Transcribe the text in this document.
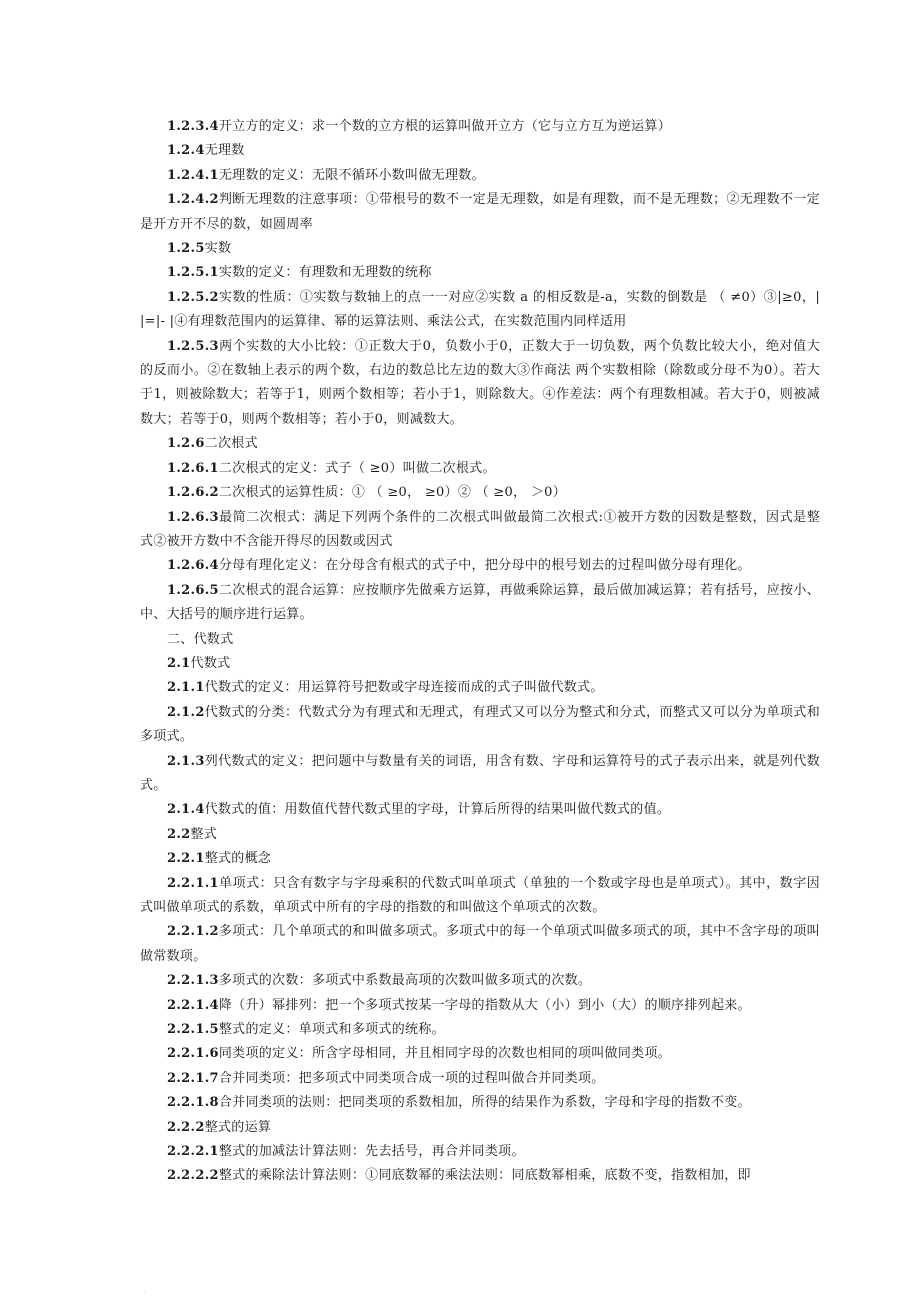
1.2.3.4开立方的定义：求一个数的立方根的运算叫做开立方（它与立方互为逆运算）

1.2.4无理数

1.2.4.1无理数的定义：无限不循环小数叫做无理数。

1.2.4.2判断无理数的注意事项：①带根号的数不一定是无理数，如是有理数，而不是无理数；②无理数不一定是开方开不尽的数，如圆周率

1.2.5实数

1.2.5.1实数的定义：有理数和无理数的统称

1.2.5.2实数的性质：①实数与数轴上的点一一对应②实数 a 的相反数是-a，实数的倒数是 （ ≠0）③|≥0，| |=|- |④有理数范围内的运算律、幂的运算法则、乘法公式，在实数范围内同样适用

1.2.5.3两个实数的大小比较：①正数大于0，负数小于0，正数大于一切负数，两个负数比较大小，绝对值大的反而小。②在数轴上表示的两个数，右边的数总比左边的数大③作商法 两个实数相除（除数或分母不为0）。若大于1，则被除数大；若等于1，则两个数相等；若小于1，则除数大。④作差法：两个有理数相减。若大于0，则被减数大；若等于0，则两个数相等；若小于0，则减数大。

1.2.6二次根式

1.2.6.1二次根式的定义：式子（ ≥0）叫做二次根式。

1.2.6.2二次根式的运算性质：① （ ≥0， ≥0）② （ ≥0， ＞0）

1.2.6.3最简二次根式：满足下列两个条件的二次根式叫做最简二次根式:①被开方数的因数是整数，因式是整式②被开方数中不含能开得尽的因数或因式

1.2.6.4分母有理化定义：在分母含有根式的式子中，把分母中的根号划去的过程叫做分母有理化。

1.2.6.5二次根式的混合运算：应按顺序先做乘方运算，再做乘除运算，最后做加减运算；若有括号，应按小、中、大括号的顺序进行运算。

二、代数式

2.1代数式

2.1.1代数式的定义：用运算符号把数或字母连接而成的式子叫做代数式。

2.1.2代数式的分类：代数式分为有理式和无理式，有理式又可以分为整式和分式，而整式又可以分为单项式和多项式。

2.1.3列代数式的定义：把问题中与数量有关的词语，用含有数、字母和运算符号的式子表示出来，就是列代数式。

2.1.4代数式的值：用数值代替代数式里的字母，计算后所得的结果叫做代数式的值。

2.2整式

2.2.1整式的概念

2.2.1.1单项式：只含有数字与字母乘积的代数式叫单项式（单独的一个数或字母也是单项式）。其中，数字因式叫做单项式的系数，单项式中所有的字母的指数的和叫做这个单项式的次数。

2.2.1.2多项式：几个单项式的和叫做多项式。多项式中的每一个单项式叫做多项式的项，其中不含字母的项叫做常数项。

2.2.1.3多项式的次数：多项式中系数最高项的次数叫做多项式的次数。

2.2.1.4降（升）幂排列：把一个多项式按某一字母的指数从大（小）到小（大）的顺序排列起来。

2.2.1.5整式的定义：单项式和多项式的统称。

2.2.1.6同类项的定义：所含字母相同，并且相同字母的次数也相同的项叫做同类项。

2.2.1.7合并同类项：把多项式中同类项合成一项的过程叫做合并同类项。

2.2.1.8合并同类项的法则：把同类项的系数相加，所得的结果作为系数，字母和字母的指数不变。

2.2.2整式的运算

2.2.2.1整式的加减法计算法则：先去括号，再合并同类项。

2.2.2.2整式的乘除法计算法则：①同底数幂的乘法法则：同底数幂相乘，底数不变，指数相加，即

·
